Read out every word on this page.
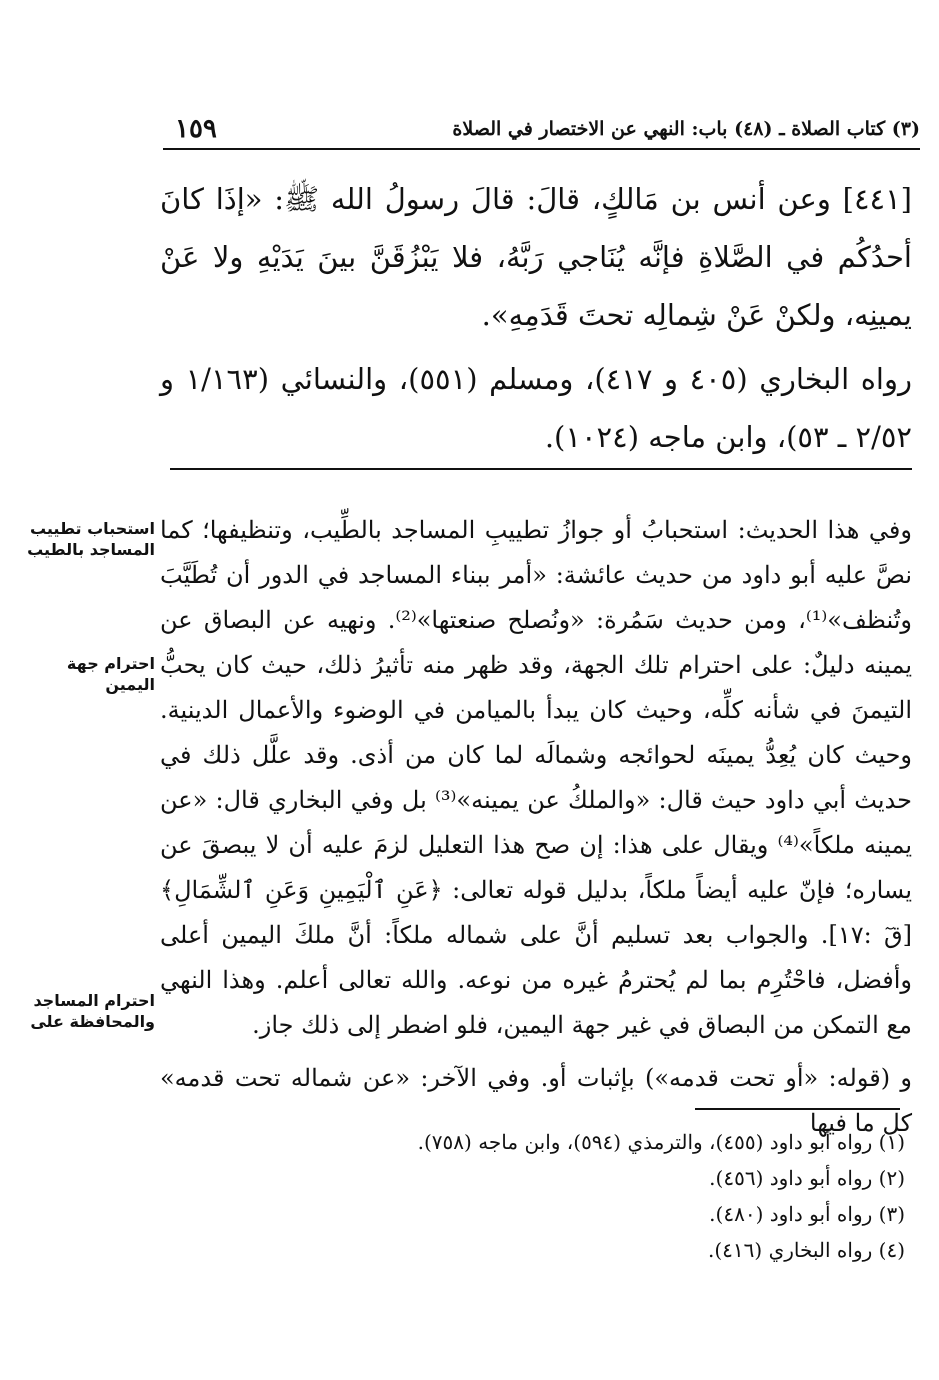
١٥٩	(٣) كتاب الصلاة ـ (٤٨) باب: النهي عن الاختصار في الصلاة

[٤٤١] وعن أنس بن مَالكٍ، قالَ: قالَ رسولُ الله ﷺ: «إذَا كانَ أحدُكُم في الصَّلاةِ فإنَّه يُنَاجي رَبَّهُ، فلا يَبْزُقَنَّ بينَ يَدَيْهِ ولا عَنْ يمينِه، ولكنْ عَنْ شِمالِه تحتَ قَدَمِهِ».

رواه البخاري (٤٠٥ و ٤١٧)، ومسلم (٥٥١)، والنسائي (١/١٦٣ و ٢/٥٢ ـ ٥٣)، وابن ماجه (١٠٢٤).

استحباب تطييب المساجد بالطيب
احترام جهة اليمين
احترام المساجد والمحافظة على

وفي هذا الحديث: استحبابُ أو جوازُ تطييبِ المساجد بالطِّيب، وتنظيفها؛ كما نصَّ عليه أبو داود من حديث عائشة: «أمر ببناء المساجد في الدور أن تُطَيَّبَ وتُنظف»⁽¹⁾، ومن حديث سَمُرة: «ونُصلح صنعتها»⁽²⁾. ونهيه عن البصاق عن يمينه دليلٌ: على احترام تلك الجهة، وقد ظهر منه تأثيرُ ذلك، حيث كان يحبُّ التيمنَ في شأنه كلِّه، وحيث كان يبدأ بالميامن في الوضوء والأعمال الدينية. وحيث كان يُعِدُّ يمينَه لحوائجه وشمالَه لما كان من أذى. وقد علَّل ذلك في حديث أبي داود حيث قال: «والملكُ عن يمينه»⁽³⁾ بل وفي البخاري قال: «عن يمينه ملكاً»⁽⁴⁾ ويقال على هذا: إن صح هذا التعليل لزمَ عليه أن لا يبصقَ عن يساره؛ فإنّ عليه أيضاً ملكاً، بدليل قوله تعالى: ﴿عَنِ ٱلْيَمِينِ وَعَنِ ٱلشِّمَالِ﴾ [قٓ :١٧]. والجواب بعد تسليم أنَّ على شماله ملكاً: أنَّ ملكَ اليمين أعلى وأفضل، فاحْتُرِم بما لم يُحترمُ غيره من نوعه. والله تعالى أعلم. وهذا النهي مع التمكن من البصاق في غير جهة اليمين، فلو اضطر إلى ذلك جاز.

و (قوله: «أو تحت قدمه») بإثبات أو. وفي الآخر: «عن شماله تحت قدمه» كل ما فيها

(١) رواه أبو داود (٤٥٥)، والترمذي (٥٩٤)، وابن ماجه (٧٥٨).
(٢) رواه أبو داود (٤٥٦).
(٣) رواه أبو داود (٤٨٠).
(٤) رواه البخاري (٤١٦).
